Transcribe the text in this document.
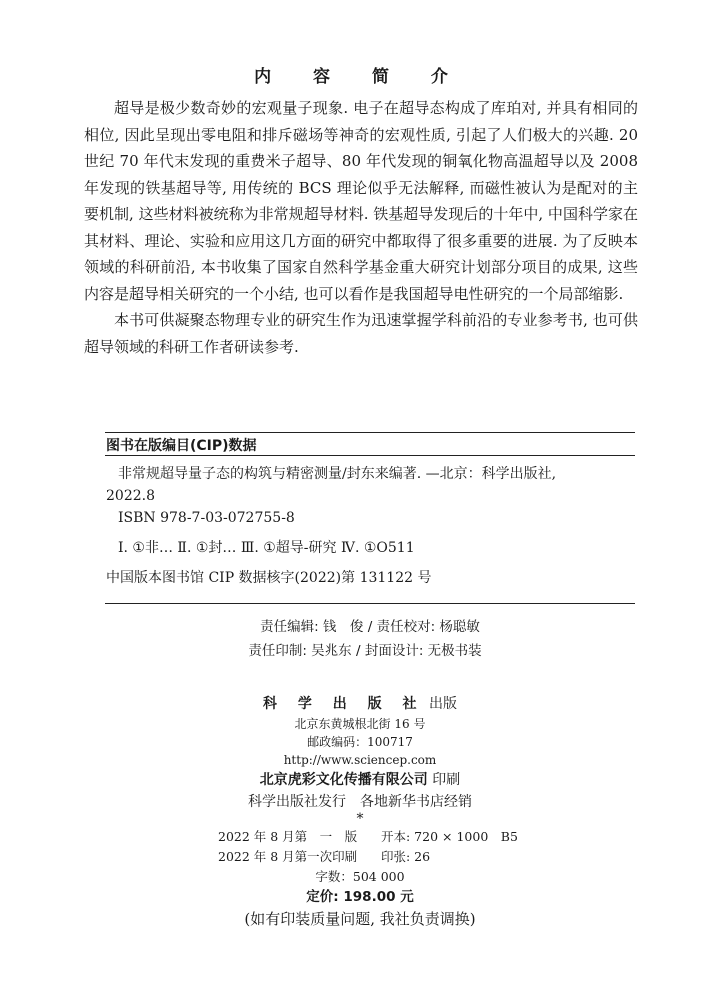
内 容 简 介

超导是极少数奇妙的宏观量子现象. 电子在超导态构成了库珀对, 并具有相同的相位, 因此呈现出零电阻和排斥磁场等神奇的宏观性质, 引起了人们极大的兴趣. 20 世纪 70 年代末发现的重费米子超导、80 年代发现的铜氧化物高温超导以及 2008 年发现的铁基超导等, 用传统的 BCS 理论似乎无法解释, 而磁性被认为是配对的主要机制, 这些材料被统称为非常规超导材料. 铁基超导发现后的十年中, 中国科学家在其材料、理论、实验和应用这几方面的研究中都取得了很多重要的进展. 为了反映本领域的科研前沿, 本书收集了国家自然科学基金重大研究计划部分项目的成果, 这些内容是超导相关研究的一个小结, 也可以看作是我国超导电性研究的一个局部缩影.

本书可供凝聚态物理专业的研究生作为迅速掌握学科前沿的专业参考书, 也可供超导领域的科研工作者研读参考.

图书在版编目(CIP)数据
非常规超导量子态的构筑与精密测量/封东来编著. —北京：科学出版社,
2022.8
ISBN 978-7-03-072755-8
Ⅰ. ①非… Ⅱ. ①封… Ⅲ. ①超导-研究 Ⅳ. ①O511
中国版本图书馆 CIP 数据核字(2022)第 131122 号
责任编辑: 钱　俊 / 责任校对: 杨聪敏
责任印制: 吴兆东 / 封面设计: 无极书装
科 学 出 版 社 出版
北京东黄城根北街 16 号
邮政编码：100717
http://www.sciencep.com
北京虎彩文化传播有限公司 印刷
科学出版社发行　各地新华书店经销
*
2022 年 8 月第　一　版 开本: 720 × 1000　B5
2022 年 8 月第一次印刷 印张: 26
字数：504 000
定价: 198.00 元
(如有印装质量问题, 我社负责调换)
